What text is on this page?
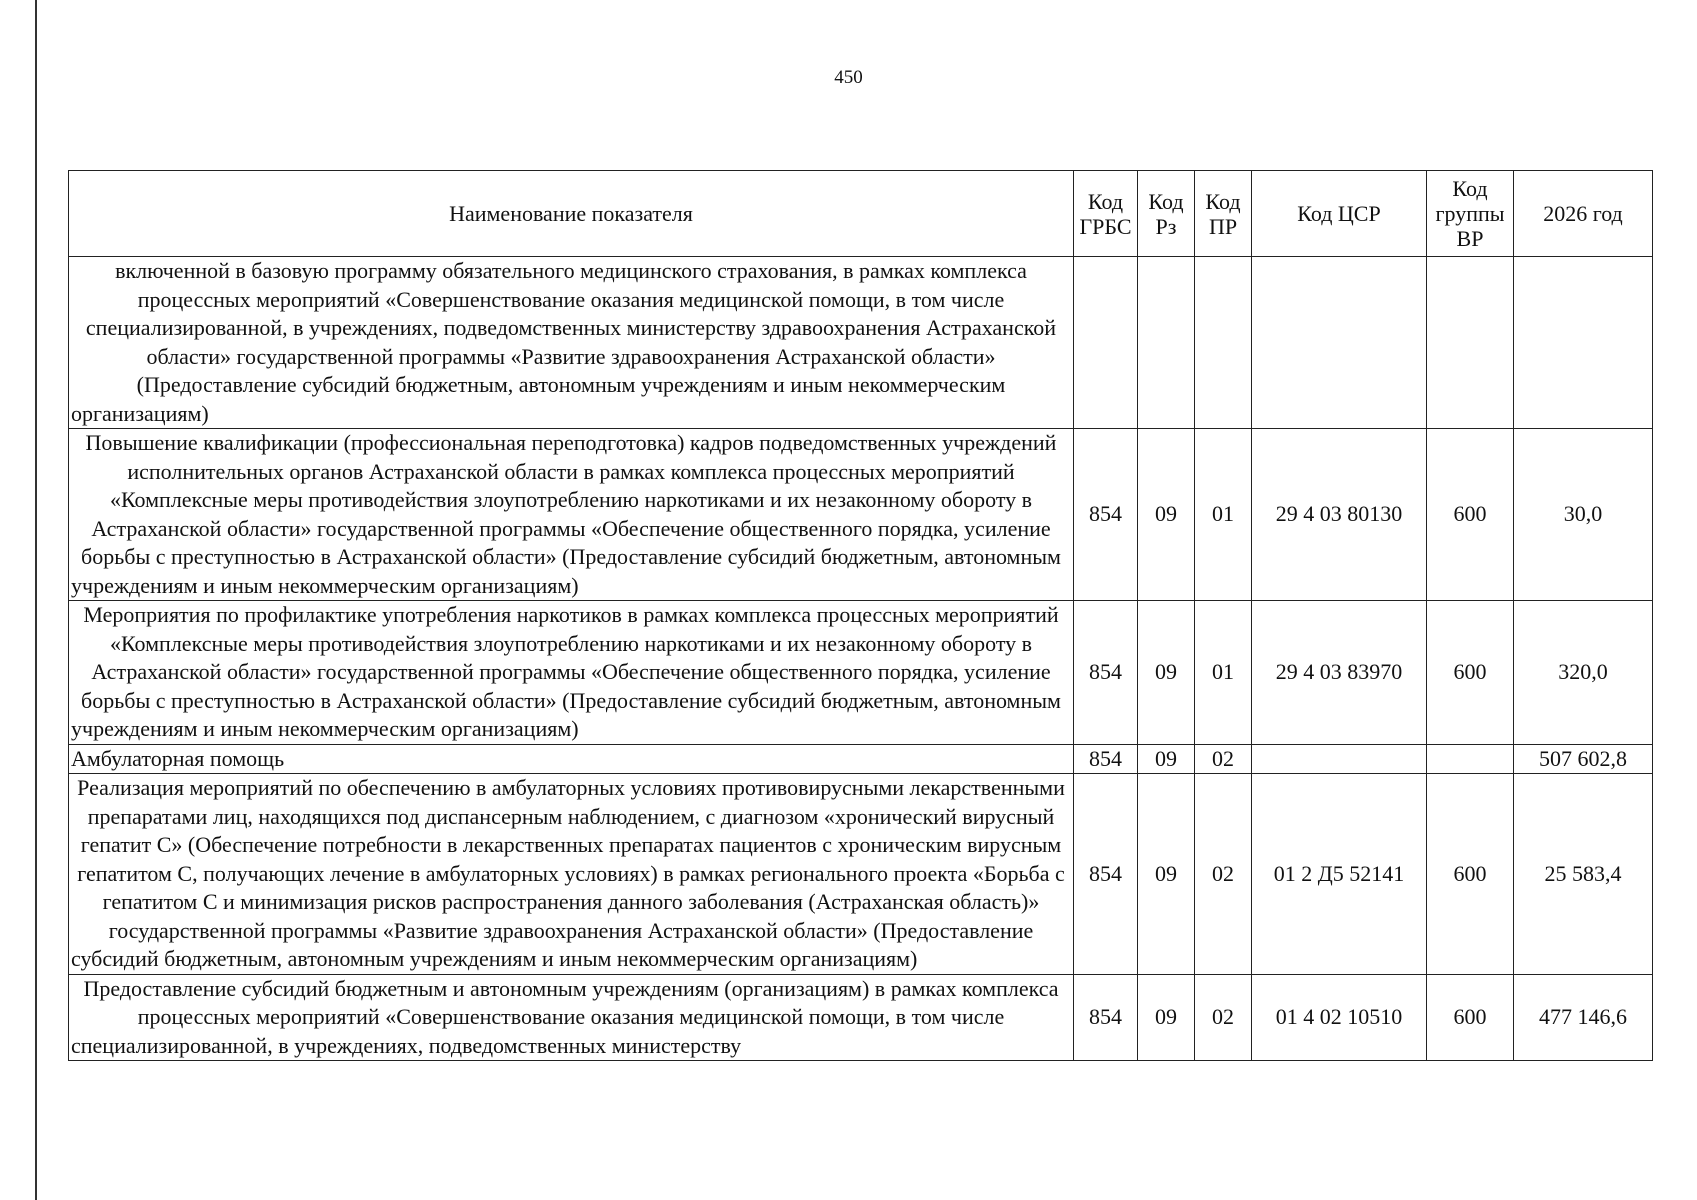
450
Наименование показателя	Код ГРБС	Код Рз	Код ПР	Код ЦСР	Код группы ВР	2026 год
включенной в базовую программу обязательного медицинского страхования, в рамках комплекса процессных мероприятий «Совершенствование оказания медицинской помощи, в том числе специализированной, в учреждениях, подведомственных министерству здравоохранения Астраханской области» государственной программы «Развитие здравоохранения Астраханской области» (Предоставление субсидий бюджетным, автономным учреждениям и иным некоммерческим организациям)						
Повышение квалификации (профессиональная переподготовка) кадров подведомственных учреждений исполнительных органов Астраханской области в рамках комплекса процессных мероприятий «Комплексные меры противодействия злоупотреблению наркотиками и их незаконному обороту в Астраханской области» государственной программы «Обеспечение общественного порядка, усиление борьбы с преступностью в Астраханской области» (Предоставление субсидий бюджетным, автономным учреждениям и иным некоммерческим организациям)	854	09	01	29 4 03 80130	600	30,0
Мероприятия по профилактике употребления наркотиков в рамках комплекса процессных мероприятий «Комплексные меры противодействия злоупотреблению наркотиками и их незаконному обороту в Астраханской области» государственной программы «Обеспечение общественного порядка, усиление борьбы с преступностью в Астраханской области» (Предоставление субсидий бюджетным, автономным учреждениям и иным некоммерческим организациям)	854	09	01	29 4 03 83970	600	320,0
Амбулаторная помощь	854	09	02			507 602,8
Реализация мероприятий по обеспечению в амбулаторных условиях противовирусными лекарственными препаратами лиц, находящихся под диспансерным наблюдением, с диагнозом «хронический вирусный гепатит С» (Обеспечение потребности в лекарственных препаратах пациентов с хроническим вирусным гепатитом С, получающих лечение в амбулаторных условиях) в рамках регионального проекта «Борьба с гепатитом С и минимизация рисков распространения данного заболевания (Астраханская область)» государственной программы «Развитие здравоохранения Астраханской области» (Предоставление субсидий бюджетным, автономным учреждениям и иным некоммерческим организациям)	854	09	02	01 2 Д5 52141	600	25 583,4
Предоставление субсидий бюджетным и автономным учреждениям (организациям) в рамках комплекса процессных мероприятий «Совершенствование оказания медицинской помощи, в том числе специализированной, в учреждениях, подведомственных министерству	854	09	02	01 4 02 10510	600	477 146,6
